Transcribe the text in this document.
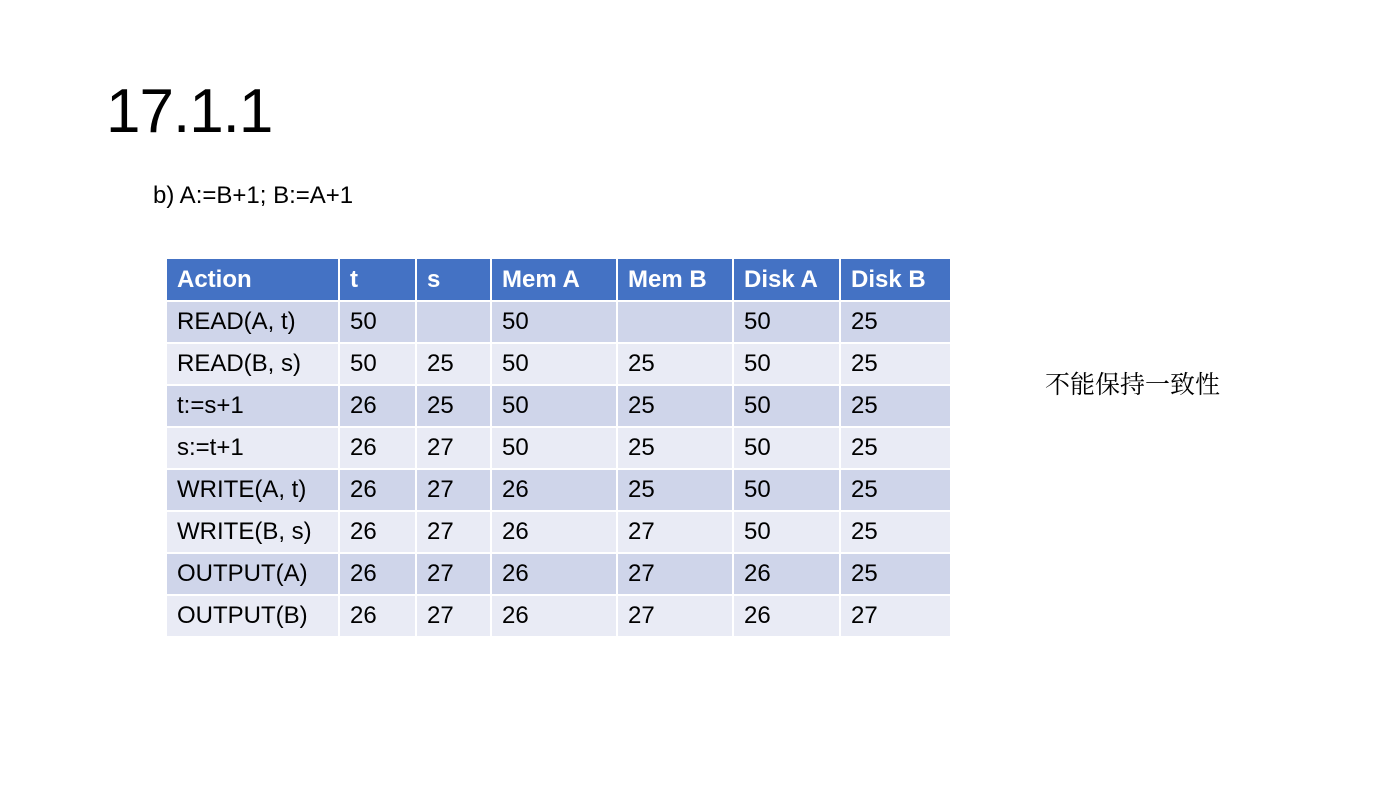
17.1.1
b) A:=B+1; B:=A+1
Action	t	s	Mem A	Mem B	Disk A	Disk B
READ(A, t)	50		50		50	25
READ(B, s)	50	25	50	25	50	25
t:=s+1	26	25	50	25	50	25
s:=t+1	26	27	50	25	50	25
WRITE(A, t)	26	27	26	25	50	25
WRITE(B, s)	26	27	26	27	50	25
OUTPUT(A)	26	27	26	27	26	25
OUTPUT(B)	26	27	26	27	26	27
不能保持一致性
